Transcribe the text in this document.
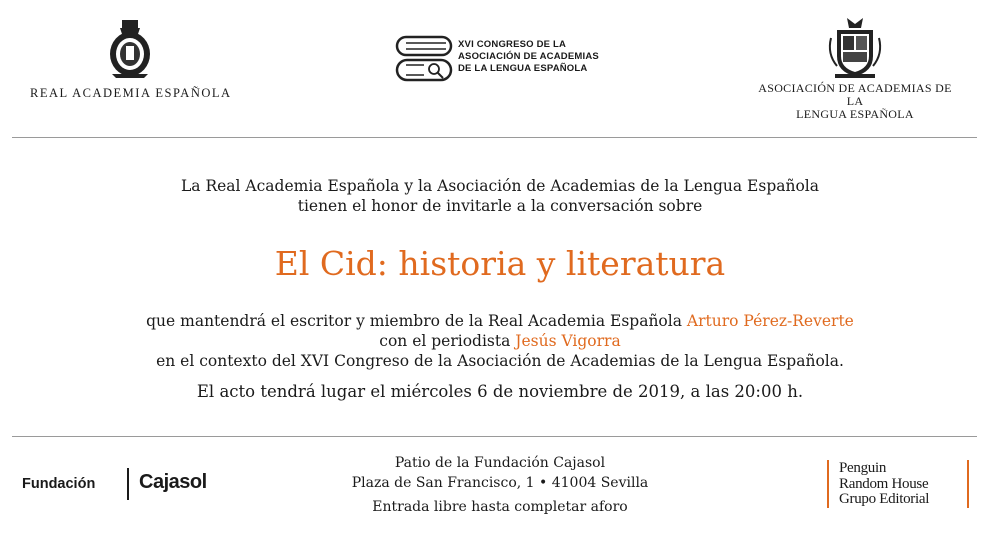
REAL ACADEMIA ESPAÑOLA
XVI CONGRESO DE LA
ASOCIACIÓN DE ACADEMIAS
DE LA LENGUA ESPAÑOLA
ASOCIACIÓN DE ACADEMIAS DE LA
LENGUA ESPAÑOLA
La Real Academia Española y la Asociación de Academias de la Lengua Española
tienen el honor de invitarle a la conversación sobre
El Cid: historia y literatura
que mantendrá el escritor y miembro de la Real Academia Española Arturo Pérez-Reverte
con el periodista Jesús Vigorra
en el contexto del XVI Congreso de la Asociación de Academias de la Lengua Española.
El acto tendrá lugar el miércoles 6 de noviembre de 2019, a las 20:00 h.
Fundación Cajasol
Patio de la Fundación Cajasol
Plaza de San Francisco, 1 • 41004 Sevilla
Entrada libre hasta completar aforo
Penguin
Random House
Grupo Editorial
